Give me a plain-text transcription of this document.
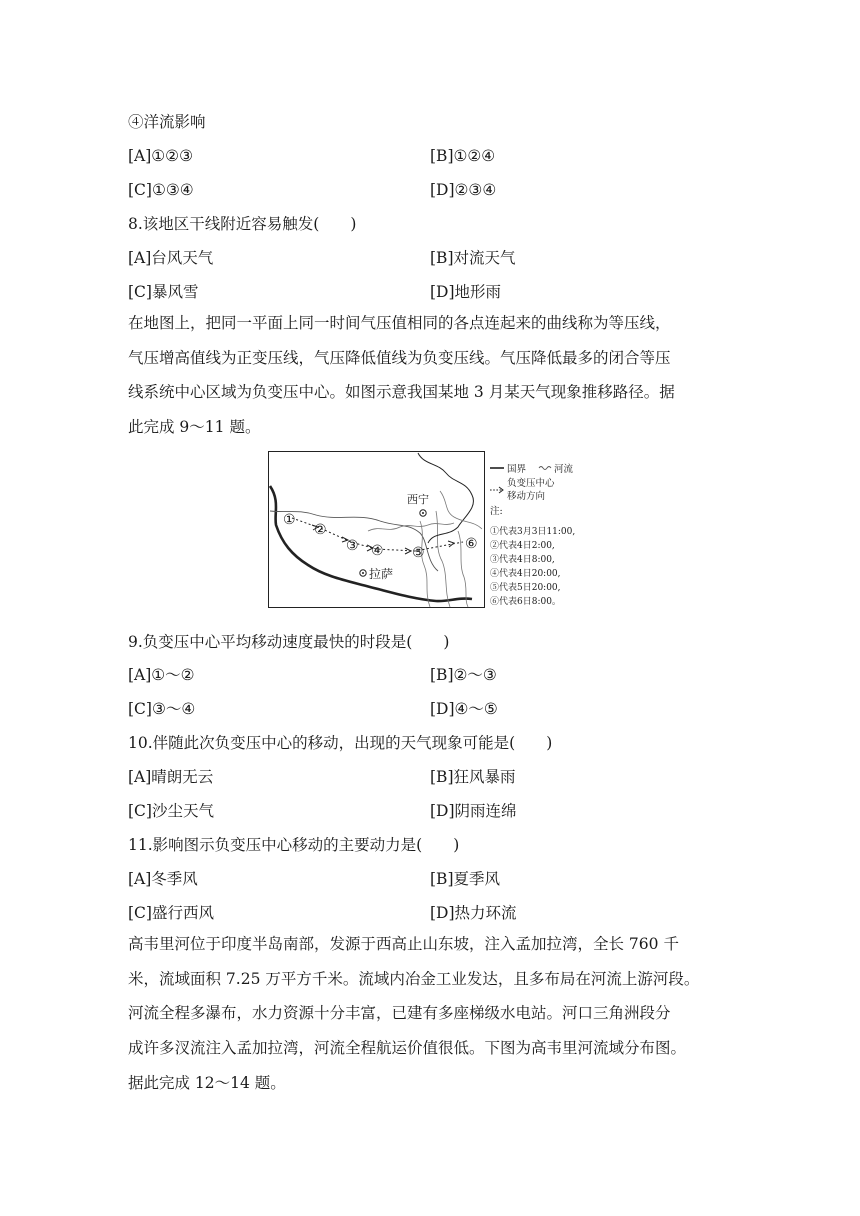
④洋流影响
[A]①②③	[B]①②④
[C]①③④	[D]②③④
8.该地区干线附近容易触发(　　)
[A]台风天气	[B]对流天气
[C]暴风雪	[D]地形雨
在地图上，把同一平面上同一时间气压值相同的各点连起来的曲线称为等压线，
气压增高值线为正变压线，气压降低值线为负变压线。气压降低最多的闭合等压
线系统中心区域为负变压中心。如图示意我国某地 3 月某天气现象推移路径。据
此完成 9～11 题。
①
②
③ ④ ⑤
⑥
西宁
拉萨
国界	河流
负变压中心
移动方向
注:
①代表3月3日11:00,
②代表4日2:00,
③代表4日8:00,
④代表4日20:00,
⑤代表5日20:00,
⑥代表6日8:00。
9.负变压中心平均移动速度最快的时段是(　　)
[A]①～②	[B]②～③
[C]③～④	[D]④～⑤
10.伴随此次负变压中心的移动，出现的天气现象可能是(　　)
[A]晴朗无云	[B]狂风暴雨
[C]沙尘天气	[D]阴雨连绵
11.影响图示负变压中心移动的主要动力是(　　)
[A]冬季风	[B]夏季风
[C]盛行西风	[D]热力环流
高韦里河位于印度半岛南部，发源于西高止山东坡，注入孟加拉湾，全长 760 千
米，流域面积 7.25 万平方千米。流域内冶金工业发达，且多布局在河流上游河段。
河流全程多瀑布，水力资源十分丰富，已建有多座梯级水电站。河口三角洲段分
成许多汊流注入孟加拉湾，河流全程航运价值很低。下图为高韦里河流域分布图。
据此完成 12～14 题。
